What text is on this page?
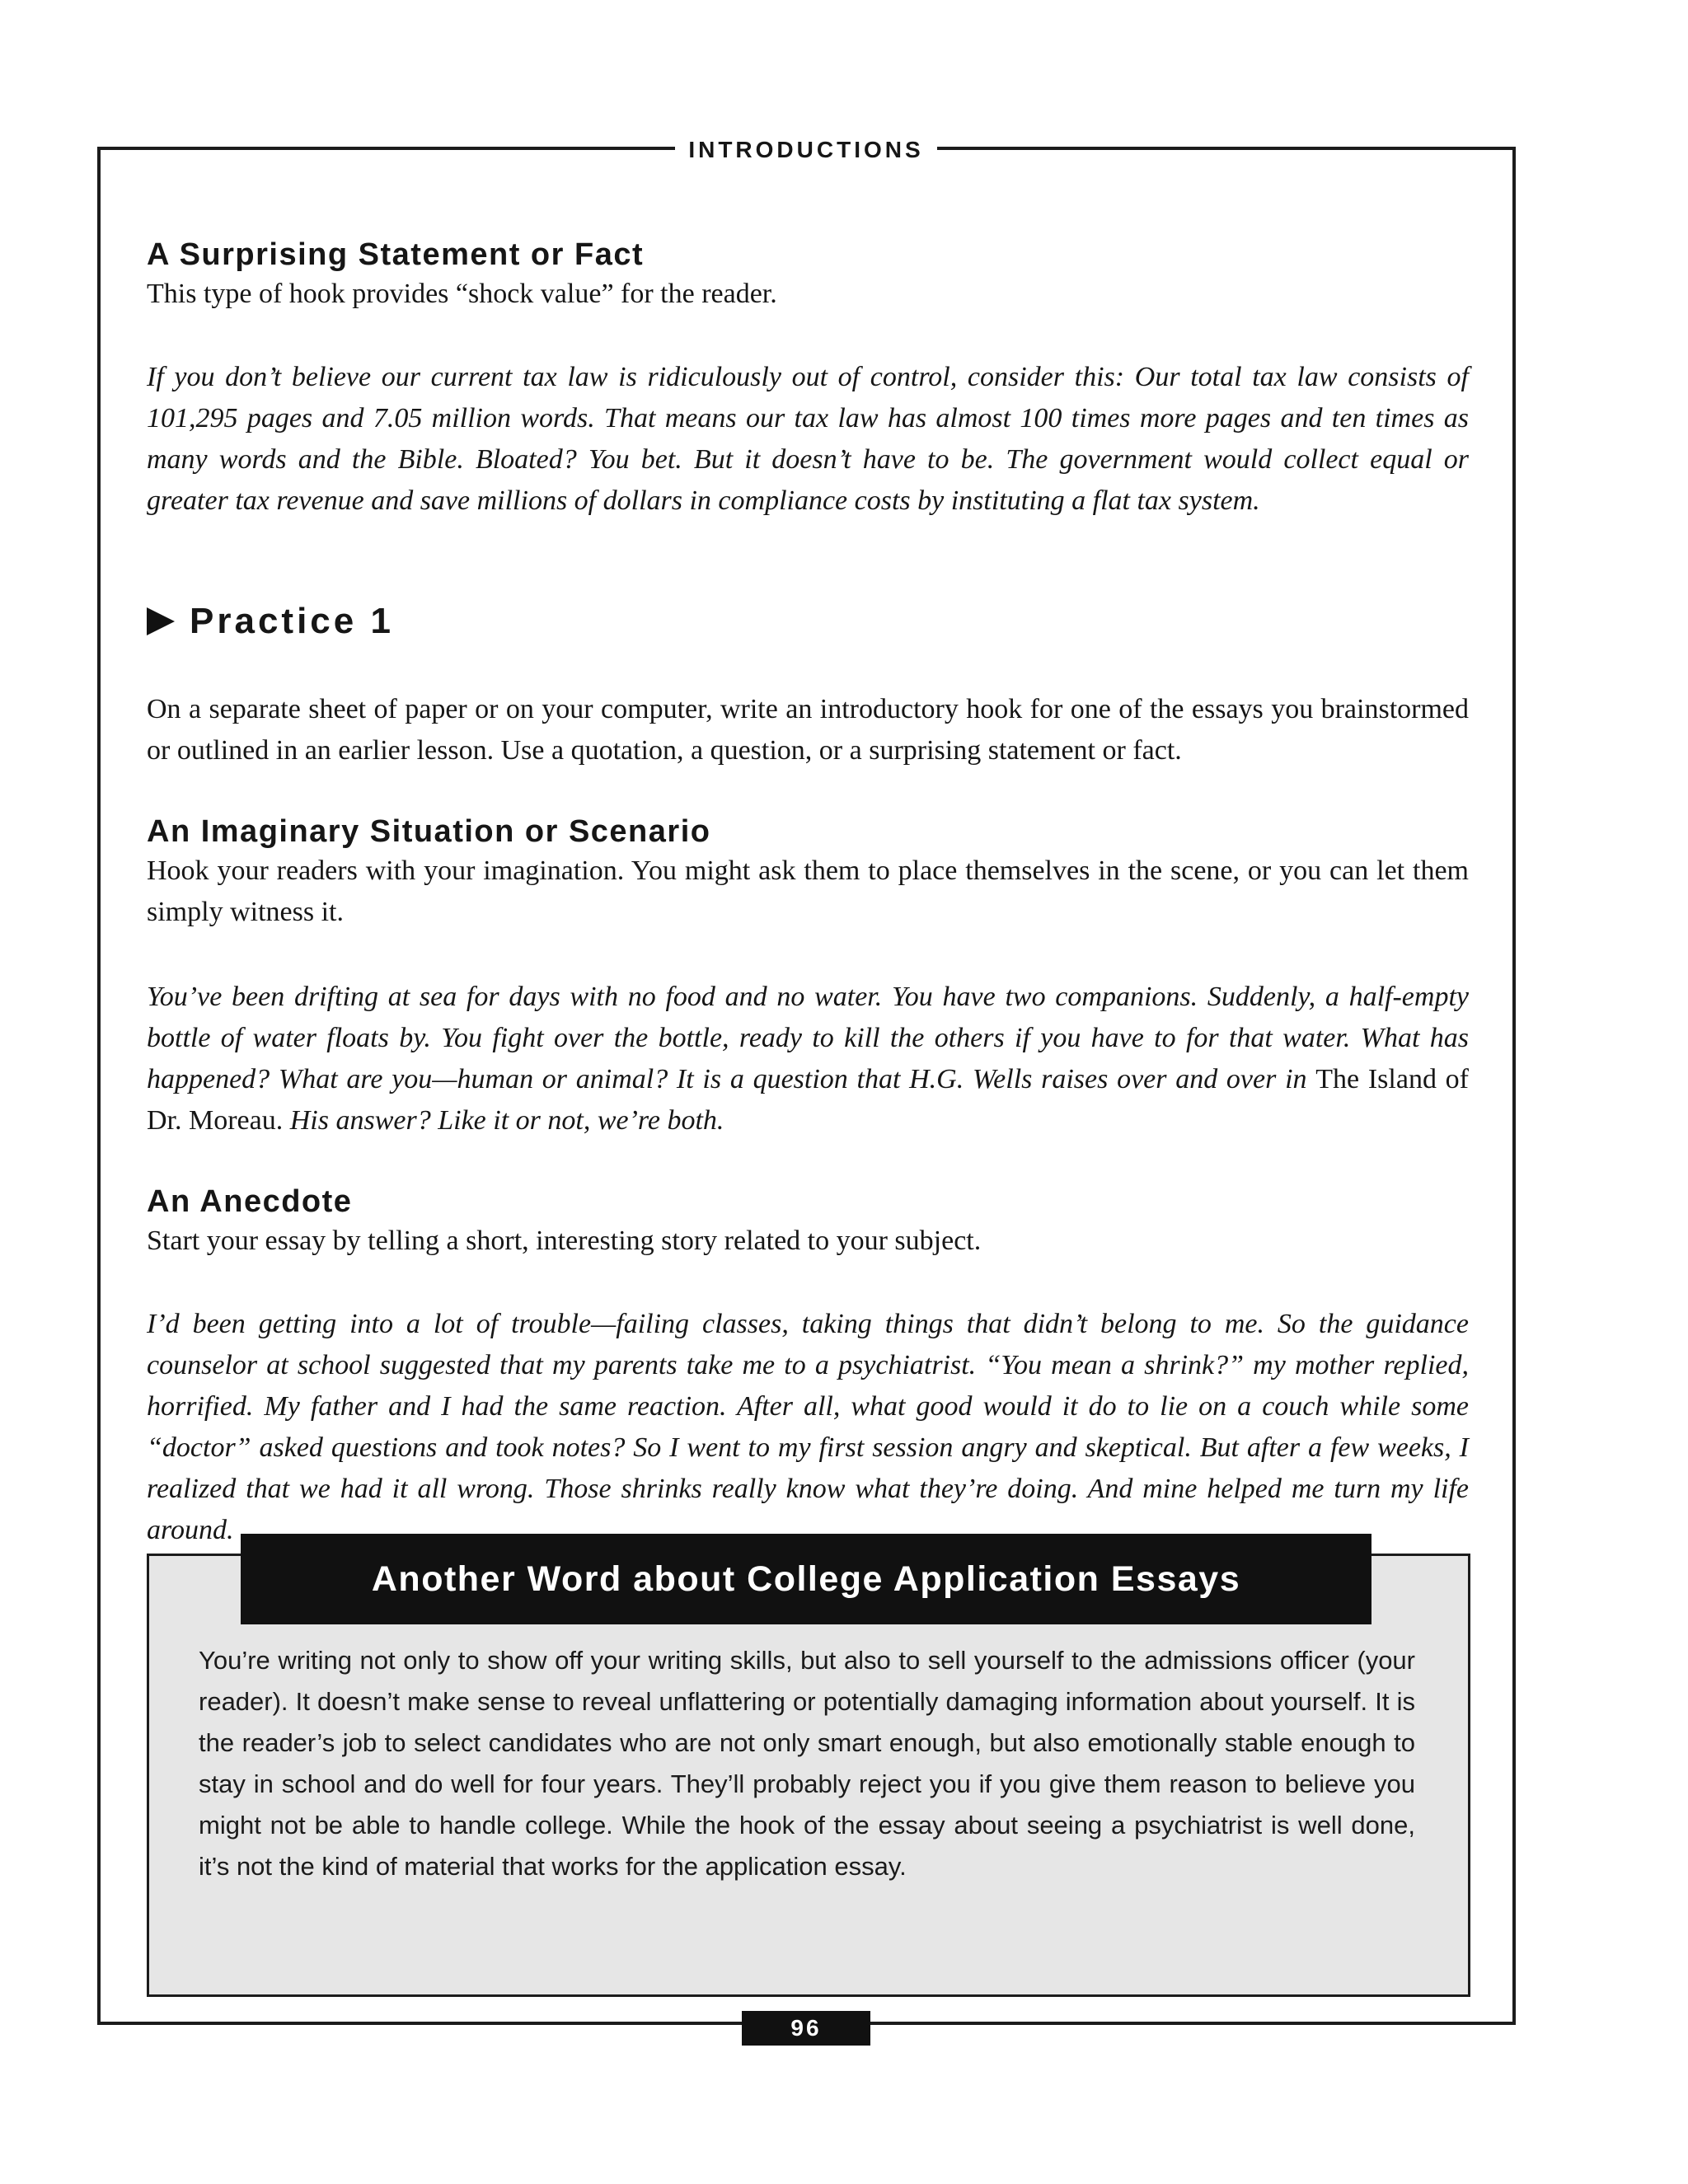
INTRODUCTIONS
A Surprising Statement or Fact

This type of hook provides “shock value” for the reader.

If you don’t believe our current tax law is ridiculously out of control, consider this: Our total tax law consists of 101,295 pages and 7.05 million words. That means our tax law has almost 100 times more pages and ten times as many words and the Bible. Bloated? You bet. But it doesn’t have to be. The government would collect equal or greater tax revenue and save millions of dollars in compliance costs by instituting a flat tax system.

Practice 1

On a separate sheet of paper or on your computer, write an introductory hook for one of the essays you brainstormed or outlined in an earlier lesson. Use a quotation, a question, or a surprising statement or fact.

An Imaginary Situation or Scenario

Hook your readers with your imagination. You might ask them to place themselves in the scene, or you can let them simply witness it.

You’ve been drifting at sea for days with no food and no water. You have two companions. Suddenly, a half-empty bottle of water floats by. You fight over the bottle, ready to kill the others if you have to for that water. What has happened? What are you—human or animal? It is a question that H.G. Wells raises over and over in The Island of Dr. Moreau. His answer? Like it or not, we’re both.

An Anecdote

Start your essay by telling a short, interesting story related to your subject.

I’d been getting into a lot of trouble—failing classes, taking things that didn’t belong to me. So the guidance counselor at school suggested that my parents take me to a psychiatrist. “You mean a shrink?” my mother replied, horrified. My father and I had the same reaction. After all, what good would it do to lie on a couch while some “doctor” asked questions and took notes? So I went to my first session angry and skeptical. But after a few weeks, I realized that we had it all wrong. Those shrinks really know what they’re doing. And mine helped me turn my life around.

Another Word about College Application Essays

You’re writing not only to show off your writing skills, but also to sell yourself to the admissions officer (your reader). It doesn’t make sense to reveal unflattering or potentially damaging information about yourself. It is the reader’s job to select candidates who are not only smart enough, but also emotionally stable enough to stay in school and do well for four years. They’ll probably reject you if you give them reason to believe you might not be able to handle college. While the hook of the essay about seeing a psychiatrist is well done, it’s not the kind of material that works for the application essay.

96
